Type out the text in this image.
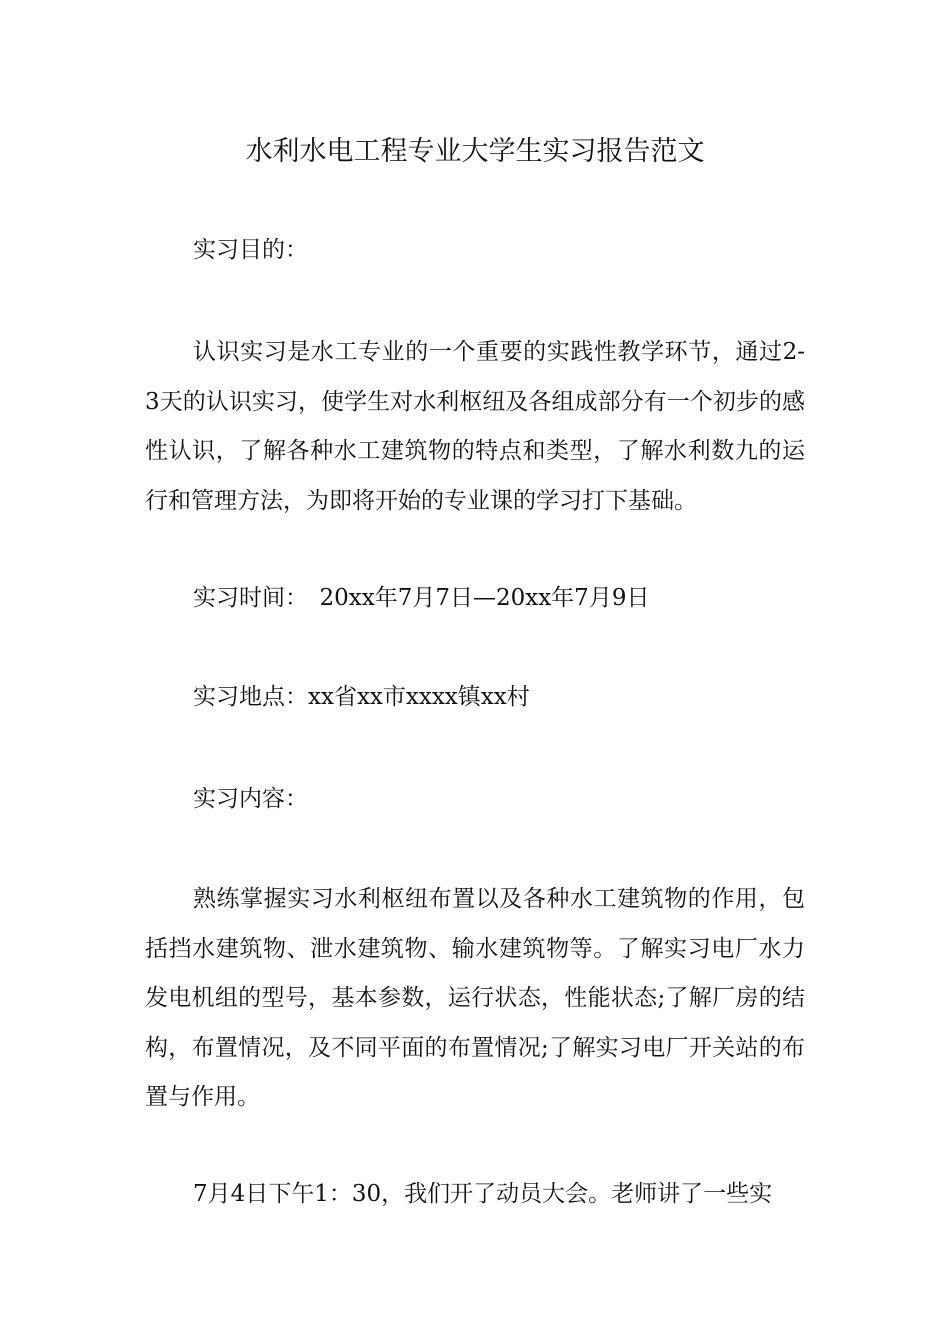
水利水电工程专业大学生实习报告范文

实习目的：

认识实习是水工专业的一个重要的实践性教学环节，通过2-3天的认识实习，使学生对水利枢纽及各组成部分有一个初步的感性认识，了解各种水工建筑物的特点和类型，了解水利数九的运行和管理方法，为即将开始的专业课的学习打下基础。

实习时间：　20xx年7月7日—20xx年7月9日

实习地点：xx省xx市xxxx镇xx村

实习内容：

熟练掌握实习水利枢纽布置以及各种水工建筑物的作用，包括挡水建筑物、泄水建筑物、输水建筑物等。了解实习电厂水力发电机组的型号，基本参数，运行状态，性能状态;了解厂房的结构，布置情况，及不同平面的布置情况;了解实习电厂开关站的布置与作用。

7月4日下午1：30，我们开了动员大会。老师讲了一些实
